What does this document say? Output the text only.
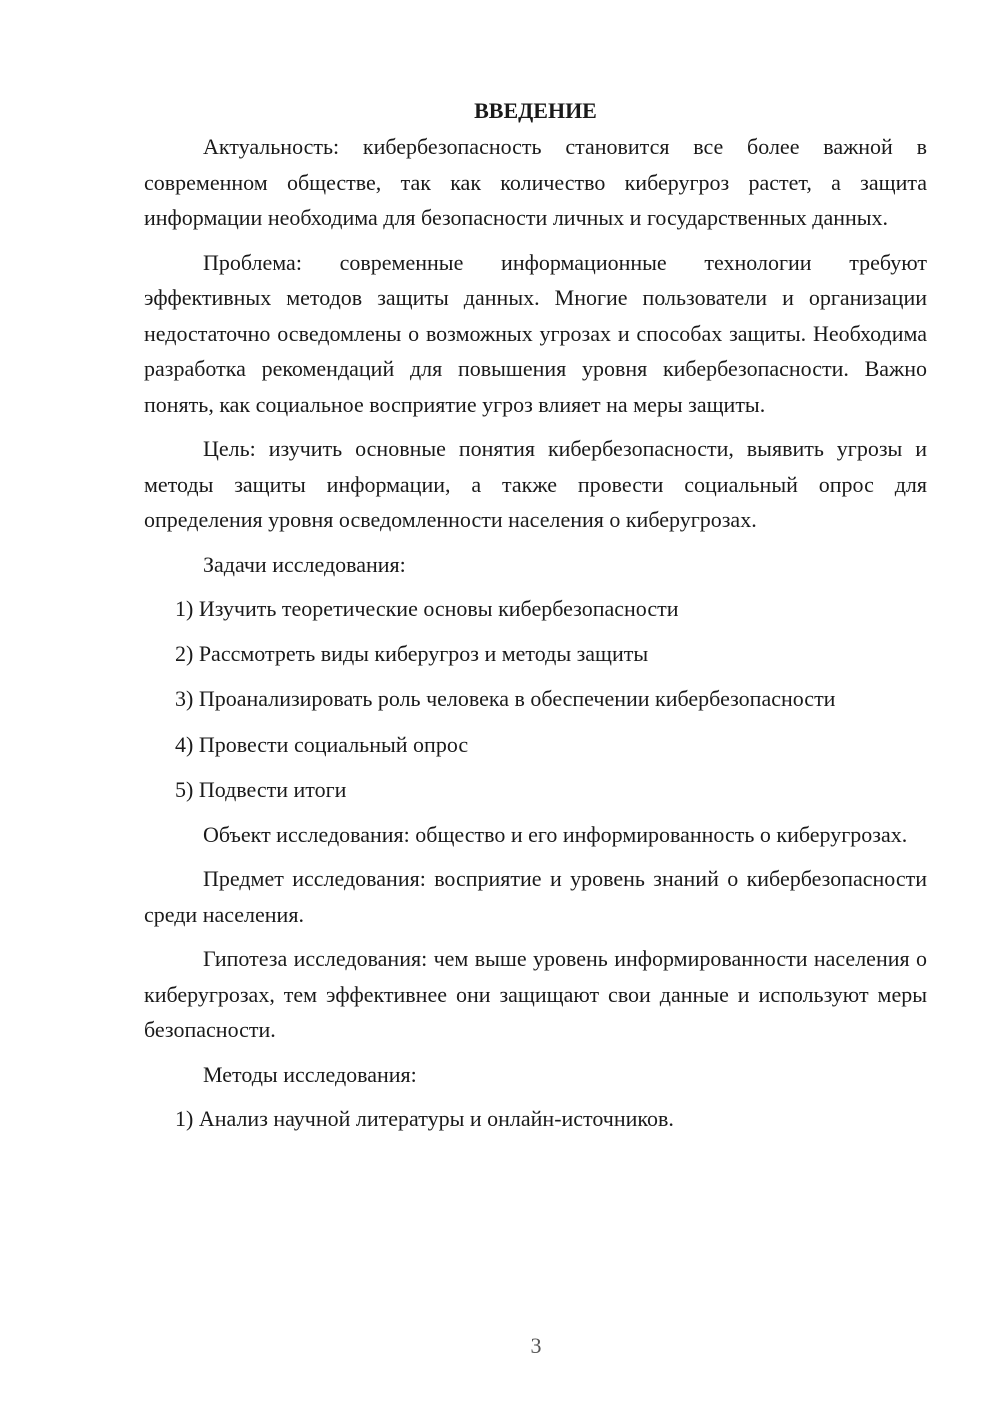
ВВЕДЕНИЕ

Актуальность: кибербезопасность становится все более важной в современном обществе, так как количество киберугроз растет, а защита информации необходима для безопасности личных и государственных данных.

Проблема: современные информационные технологии требуют эффективных методов защиты данных. Многие пользователи и организации недостаточно осведомлены о возможных угрозах и способах защиты. Необходима разработка рекомендаций для повышения уровня кибербезопасности. Важно понять, как социальное восприятие угроз влияет на меры защиты.

Цель: изучить основные понятия кибербезопасности, выявить угрозы и методы защиты информации, а также провести социальный опрос для определения уровня осведомленности населения о киберугрозах.

Задачи исследования:

1) Изучить теоретические основы кибербезопасности
2) Рассмотреть виды киберугроз и методы защиты
3) Проанализировать роль человека в обеспечении кибербезопасности
4) Провести социальный опрос
5) Подвести итоги

Объект исследования: общество и его информированность о киберугрозах.

Предмет исследования: восприятие и уровень знаний о кибербезопасности среди населения.

Гипотеза исследования: чем выше уровень информированности населения о киберугрозах, тем эффективнее они защищают свои данные и используют меры безопасности.

Методы исследования:

1) Анализ научной литературы и онлайн-источников.
3
